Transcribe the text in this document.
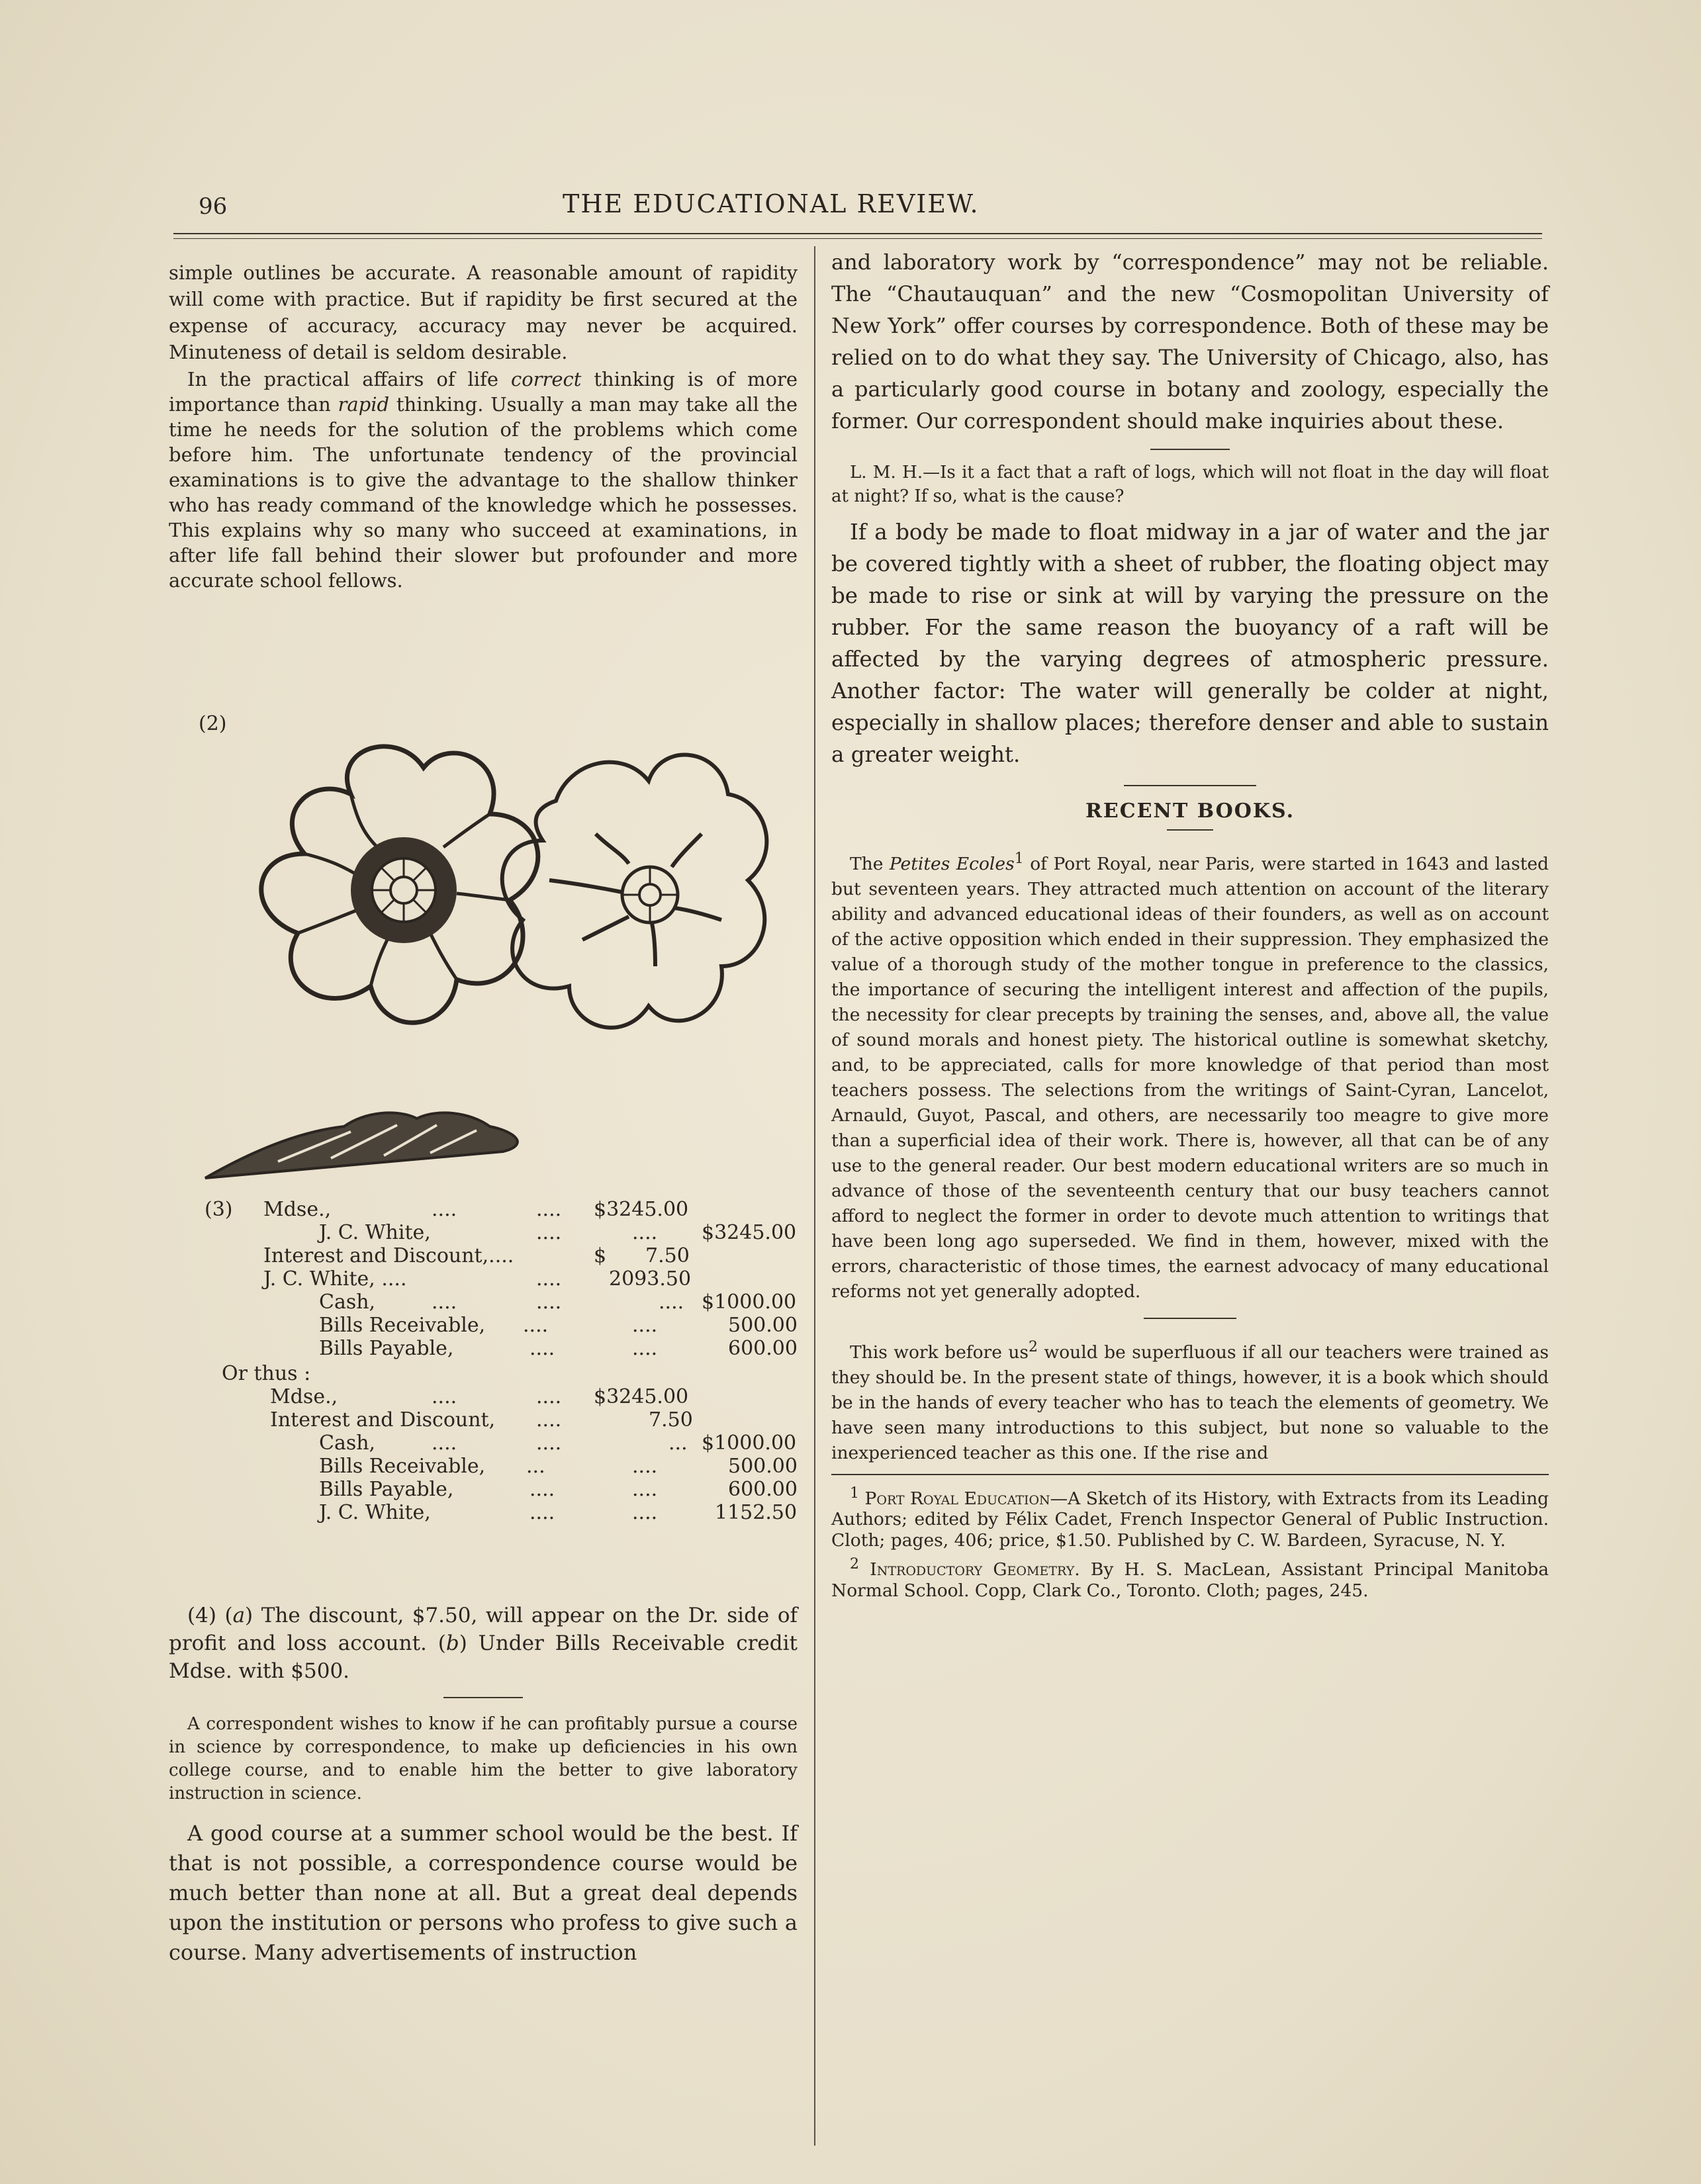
96	THE EDUCATIONAL REVIEW.

simple outlines be accurate. A reasonable amount of rapidity will come with practice. But if rapidity be first secured at the expense of accuracy, accuracy may never be acquired. Minuteness of detail is seldom desirable.

In the practical affairs of life correct thinking is of more importance than rapid thinking. Usually a man may take all the time he needs for the solution of the problems which come before him. The unfortunate tendency of the provincial examinations is to give the advantage to the shallow thinker who has ready command of the knowledge which he possesses. This explains why so many who succeed at examinations, in after life fall behind their slower but profounder and more accurate school fellows.

(2)
(3) Mdse.,	....	.... $3245.00
J. C. White,	....	.... $3245.00
Interest and Discount,....	$ 7.50
J. C. White, ....	.... 2093.50
Cash,	....	....	.... $1000.00
Bills Receivable, ....	....	500.00
Bills Payable,	....	....	600.00
Or thus :
Mdse.,	....	.... $3245.00
Interest and Discount, ....	7.50
Cash,	....	....	... $1000.00
Bills Receivable, ...	....	500.00
Bills Payable,	....	....	600.00
J. C. White,	....	....	1152.50

(4) (a) The discount, $7.50, will appear on the Dr. side of profit and loss account. (b) Under Bills Receivable credit Mdse. with $500.

A correspondent wishes to know if he can profitably pursue a course in science by correspondence, to make up deficiencies in his own college course, and to enable him the better to give laboratory instruction in science.

A good course at a summer school would be the best. If that is not possible, a correspondence course would be much better than none at all. But a great deal depends upon the institution or persons who profess to give such a course. Many advertisements of instruction

and laboratory work by “correspondence” may not be reliable. The “Chautauquan” and the new “Cosmopolitan University of New York” offer courses by correspondence. Both of these may be relied on to do what they say. The University of Chicago, also, has a particularly good course in botany and zoology, especially the former. Our correspondent should make inquiries about these.

L. M. H.—Is it a fact that a raft of logs, which will not float in the day will float at night? If so, what is the cause?

If a body be made to float midway in a jar of water and the jar be covered tightly with a sheet of rubber, the floating object may be made to rise or sink at will by varying the pressure on the rubber. For the same reason the buoyancy of a raft will be affected by the varying degrees of atmospheric pressure. Another factor: The water will generally be colder at night, especially in shallow places; therefore denser and able to sustain a greater weight.

RECENT BOOKS.

The Petites Ecoles$^1$ of Port Royal, near Paris, were started in 1643 and lasted but seventeen years. They attracted much attention on account of the literary ability and advanced educational ideas of their founders, as well as on account of the active opposition which ended in their suppression. They emphasized the value of a thorough study of the mother tongue in preference to the classics, the importance of securing the intelligent interest and affection of the pupils, the necessity for clear precepts by training the senses, and, above all, the value of sound morals and honest piety. The historical outline is somewhat sketchy, and, to be appreciated, calls for more knowledge of that period than most teachers possess. The selections from the writings of Saint-Cyran, Lancelot, Arnauld, Guyot, Pascal, and others, are necessarily too meagre to give more than a superficial idea of their work. There is, however, all that can be of any use to the general reader. Our best modern educational writers are so much in advance of those of the seventeenth century that our busy teachers cannot afford to neglect the former in order to devote much attention to writings that have been long ago superseded. We find in them, however, mixed with the errors, characteristic of those times, the earnest advocacy of many educational reforms not yet generally adopted.

This work before $us^2$ would be superfluous if all our teachers were trained as they should be. In the present state of things, however, it is a book which should be in the hands of every teacher who has to teach the elements of geometry. We have seen many introductions to this subject, but none so valuable to the inexperienced teacher as this one. If the rise and

$^1$ Port Royal Education—A Sketch of its History, with Extracts from its Leading Authors; edited by Félix Cadet, French Inspector General of Public Instruction. Cloth; pages, 406; price, $1.50. Published by C. W. Bardeen, Syracuse, N. Y.

$^2$ Introductory Geometry. By H. S. MacLean, Assistant Principal Manitoba Normal School. Copp, Clark Co., Toronto. Cloth; pages, 245.
